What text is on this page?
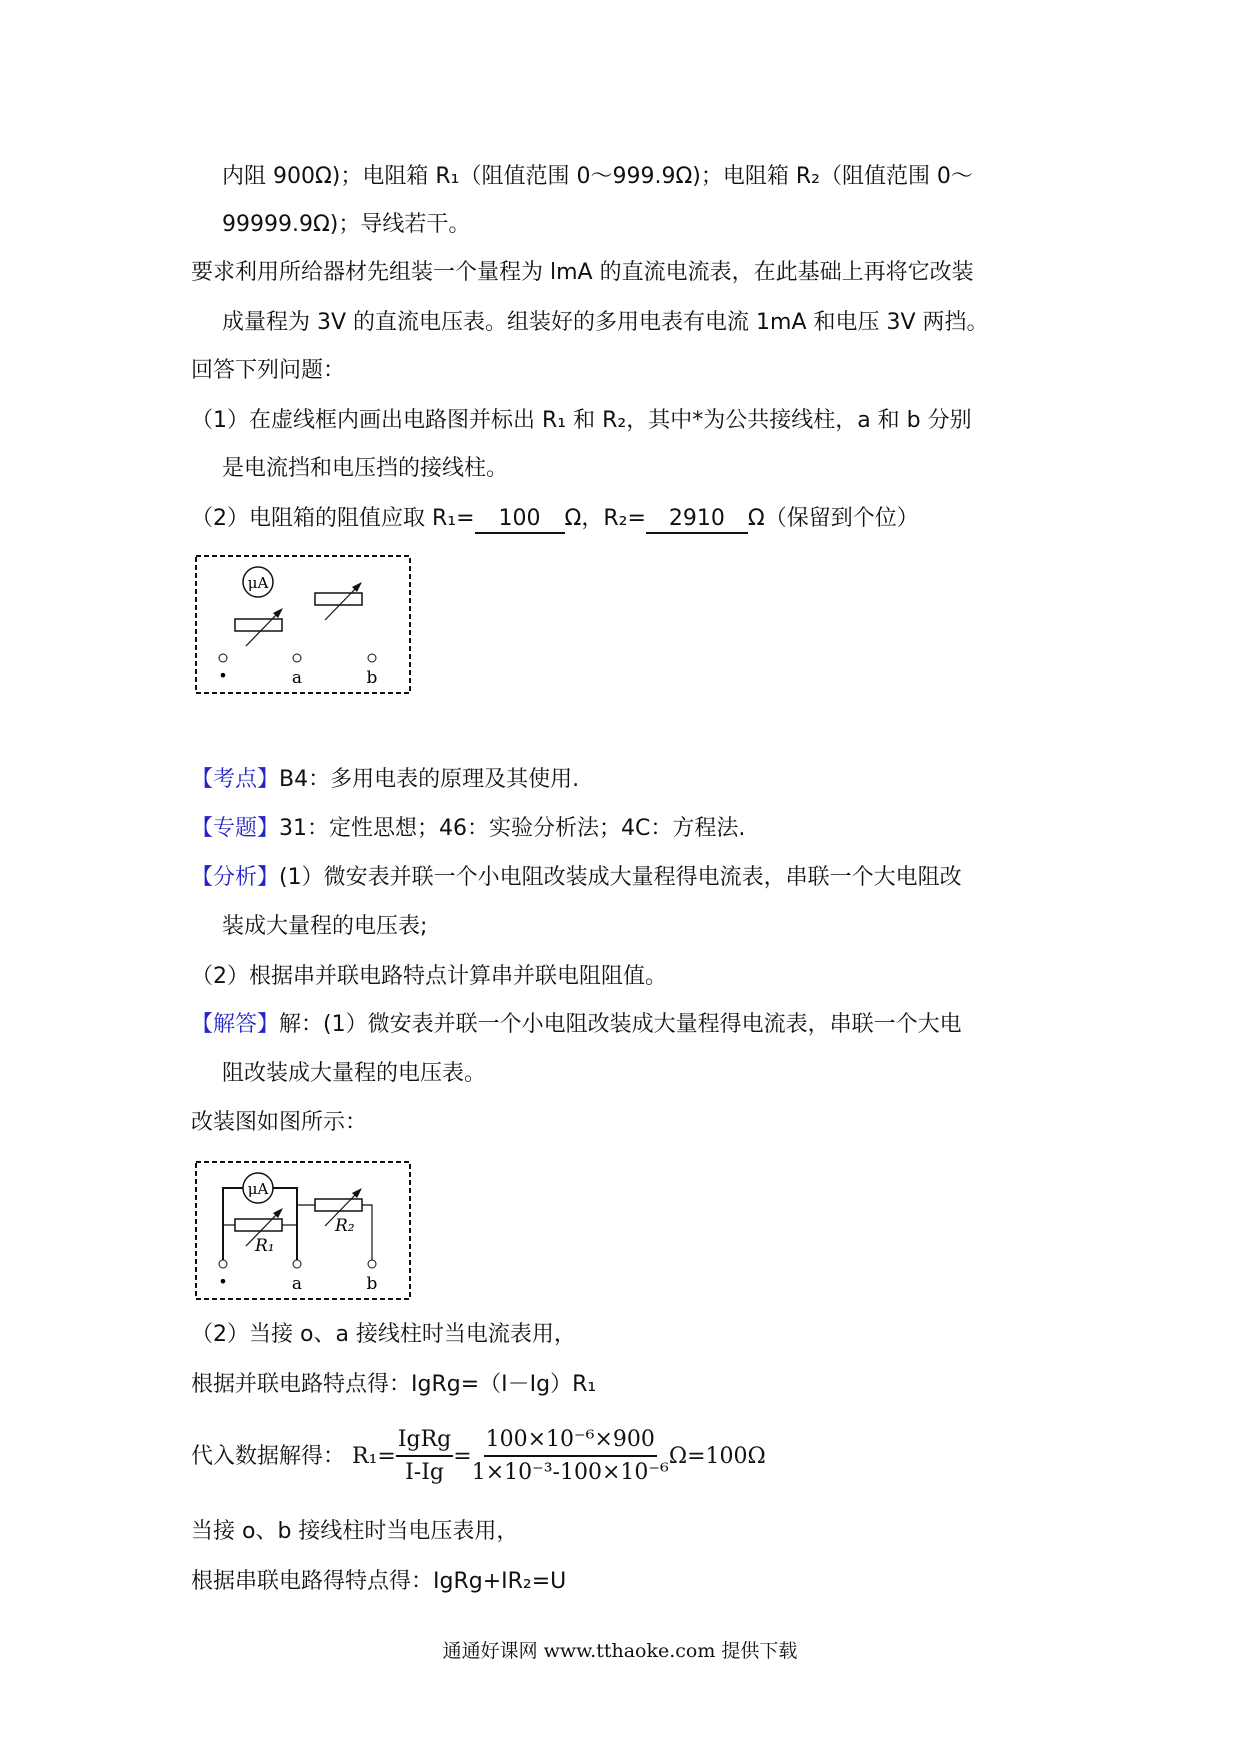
内阻 900Ω)；电阻箱 R₁（阻值范围 0～999.9Ω)；电阻箱 R₂（阻值范围 0～
99999.9Ω)；导线若干。
要求利用所给器材先组装一个量程为 lmA 的直流电流表，在此基础上再将它改装
成量程为 3V 的直流电压表。组装好的多用电表有电流 1mA 和电压 3V 两挡。
回答下列问题：
（1）在虚线框内画出电路图并标出 R₁ 和 R₂，其中*为公共接线柱，a 和 b 分别
是电流挡和电压挡的接线柱。
（2）电阻箱的阻值应取 R₁= 100 Ω，R₂= 2910 Ω（保留到个位）
μA
•	a	b
【考点】B4：多用电表的原理及其使用.
【专题】31：定性思想；46：实验分析法；4C：方程法.
【分析】(1）微安表并联一个小电阻改装成大量程得电流表，串联一个大电阻改
装成大量程的电压表;
（2）根据串并联电路特点计算串并联电阻阻值。
【解答】解：(1）微安表并联一个小电阻改装成大量程得电流表，串联一个大电
阻改装成大量程的电压表。
改装图如图所示：
μA
R₁
R₂
•	a	b
（2）当接 o、a 接线柱时当电流表用，
根据并联电路特点得：IgRg=（I－Ig）R₁
代入数据解得： $R_1= \frac{\text{IgRg}}{I-Ig} = \frac{\text{100×10⁻⁶×900}}{\text{1×10⁻³-100×10⁻⁶}} \Omega=100\Omega$
当接 o、b 接线柱时当电压表用，
根据串联电路得特点得：IgRg+IR₂=U
通通好课网 www.tthaoke.com 提供下载
